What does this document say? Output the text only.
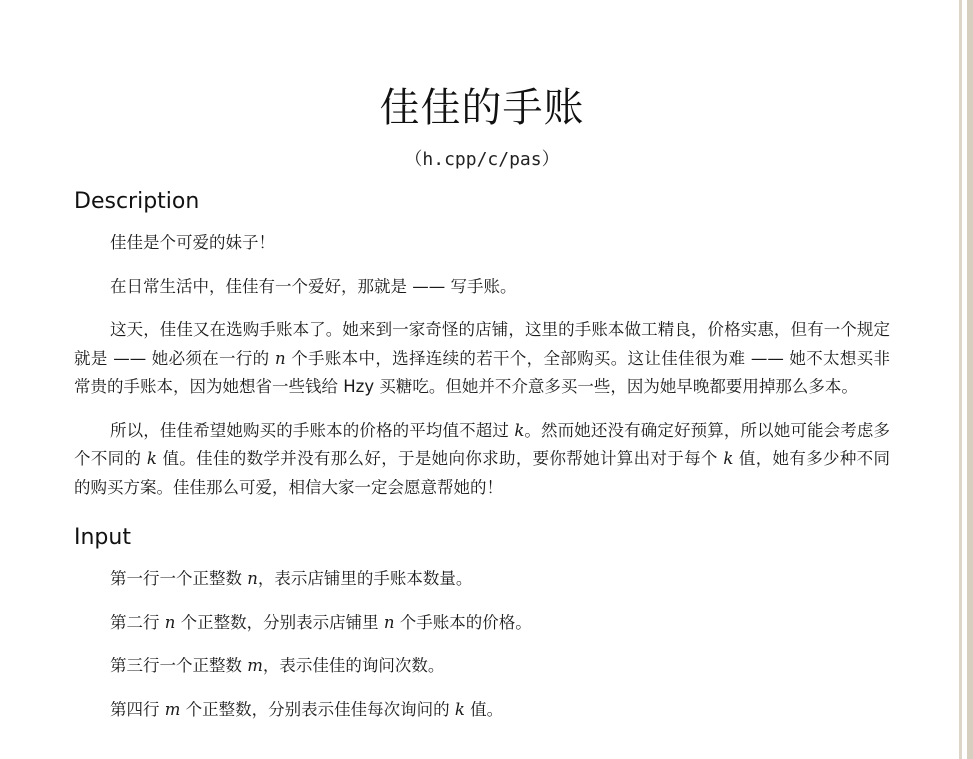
佳佳的手账
（h.cpp/c/pas）
Description

佳佳是个可爱的妹子！

在日常生活中，佳佳有一个爱好，那就是 —— 写手账。

这天，佳佳又在选购手账本了。她来到一家奇怪的店铺，这里的手账本做工精良，价格实惠，但有一个规定就是 —— 她必须在一行的 n 个手账本中，选择连续的若干个，全部购买。这让佳佳很为难 —— 她不太想买非常贵的手账本，因为她想省一些钱给 Hzy 买糖吃。但她并不介意多买一些，因为她早晚都要用掉那么多本。

所以，佳佳希望她购买的手账本的价格的平均值不超过 k。然而她还没有确定好预算，所以她可能会考虑多个不同的 k 值。佳佳的数学并没有那么好，于是她向你求助，要你帮她计算出对于每个 k 值，她有多少种不同的购买方案。佳佳那么可爱，相信大家一定会愿意帮她的！

Input

第一行一个正整数 n，表示店铺里的手账本数量。

第二行 n 个正整数，分别表示店铺里 n 个手账本的价格。

第三行一个正整数 m，表示佳佳的询问次数。

第四行 m 个正整数，分别表示佳佳每次询问的 k 值。
